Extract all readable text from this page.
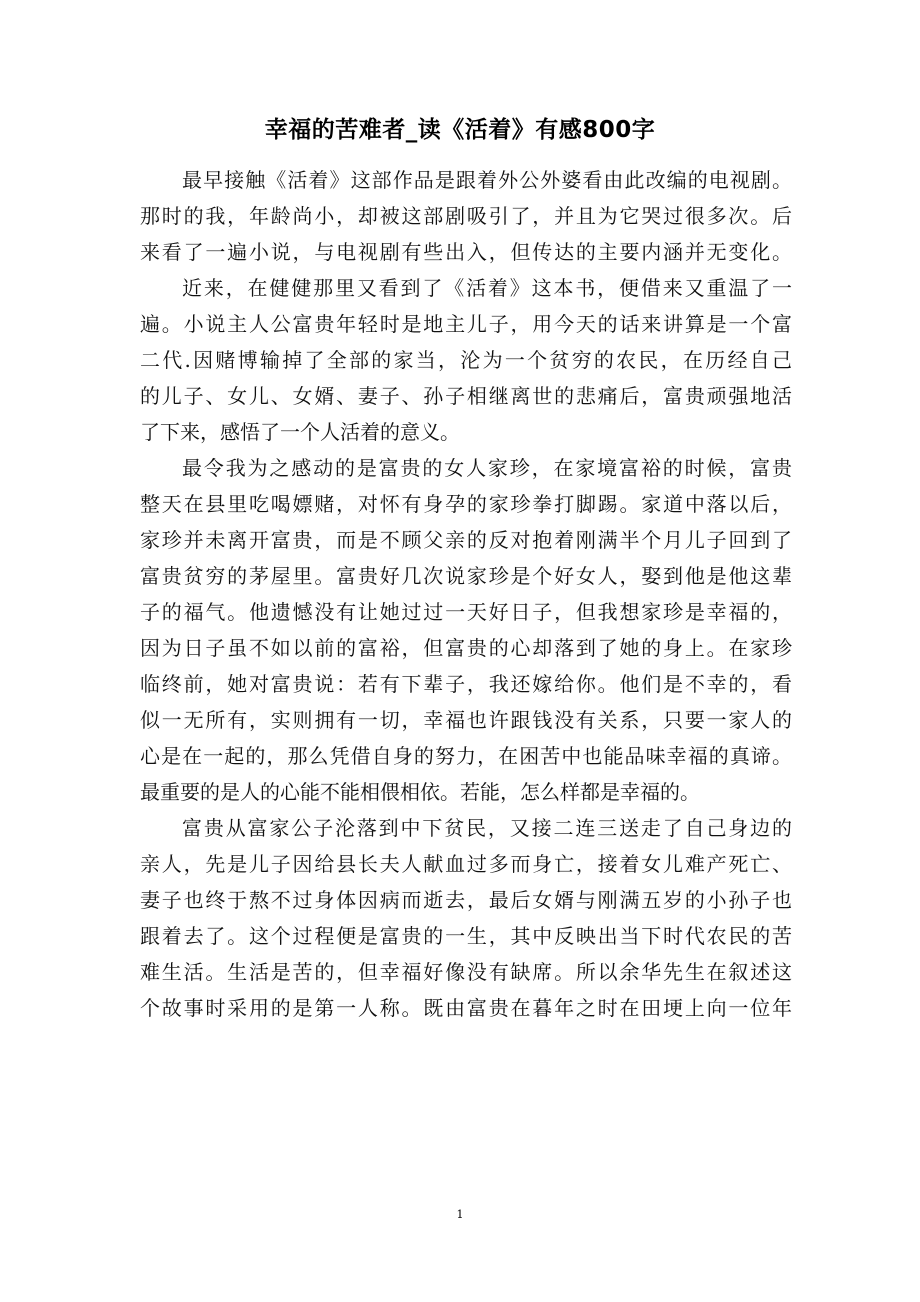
幸福的苦难者_读《活着》有感800字
最早接触《活着》这部作品是跟着外公外婆看由此改编的电视剧。
那时的我，年龄尚小，却被这部剧吸引了，并且为它哭过很多次。后
来看了一遍小说，与电视剧有些出入，但传达的主要内涵并无变化。
近来，在健健那里又看到了《活着》这本书，便借来又重温了一
遍。小说主人公富贵年轻时是地主儿子，用今天的话来讲算是一个富
二代.因赌博输掉了全部的家当，沦为一个贫穷的农民，在历经自己
的儿子、女儿、女婿、妻子、孙子相继离世的悲痛后，富贵顽强地活
了下来，感悟了一个人活着的意义。
最令我为之感动的是富贵的女人家珍，在家境富裕的时候，富贵
整天在县里吃喝嫖赌，对怀有身孕的家珍拳打脚踢。家道中落以后，
家珍并未离开富贵，而是不顾父亲的反对抱着刚满半个月儿子回到了
富贵贫穷的茅屋里。富贵好几次说家珍是个好女人，娶到他是他这辈
子的福气。他遗憾没有让她过过一天好日子，但我想家珍是幸福的，
因为日子虽不如以前的富裕，但富贵的心却落到了她的身上。在家珍
临终前，她对富贵说：若有下辈子，我还嫁给你。他们是不幸的，看
似一无所有，实则拥有一切，幸福也许跟钱没有关系，只要一家人的
心是在一起的，那么凭借自身的努力，在困苦中也能品味幸福的真谛。
最重要的是人的心能不能相偎相依。若能，怎么样都是幸福的。
富贵从富家公子沦落到中下贫民，又接二连三送走了自己身边的
亲人，先是儿子因给县长夫人献血过多而身亡，接着女儿难产死亡、
妻子也终于熬不过身体因病而逝去，最后女婿与刚满五岁的小孙子也
跟着去了。这个过程便是富贵的一生，其中反映出当下时代农民的苦
难生活。生活是苦的，但幸福好像没有缺席。所以余华先生在叙述这
个故事时采用的是第一人称。既由富贵在暮年之时在田埂上向一位年
1
